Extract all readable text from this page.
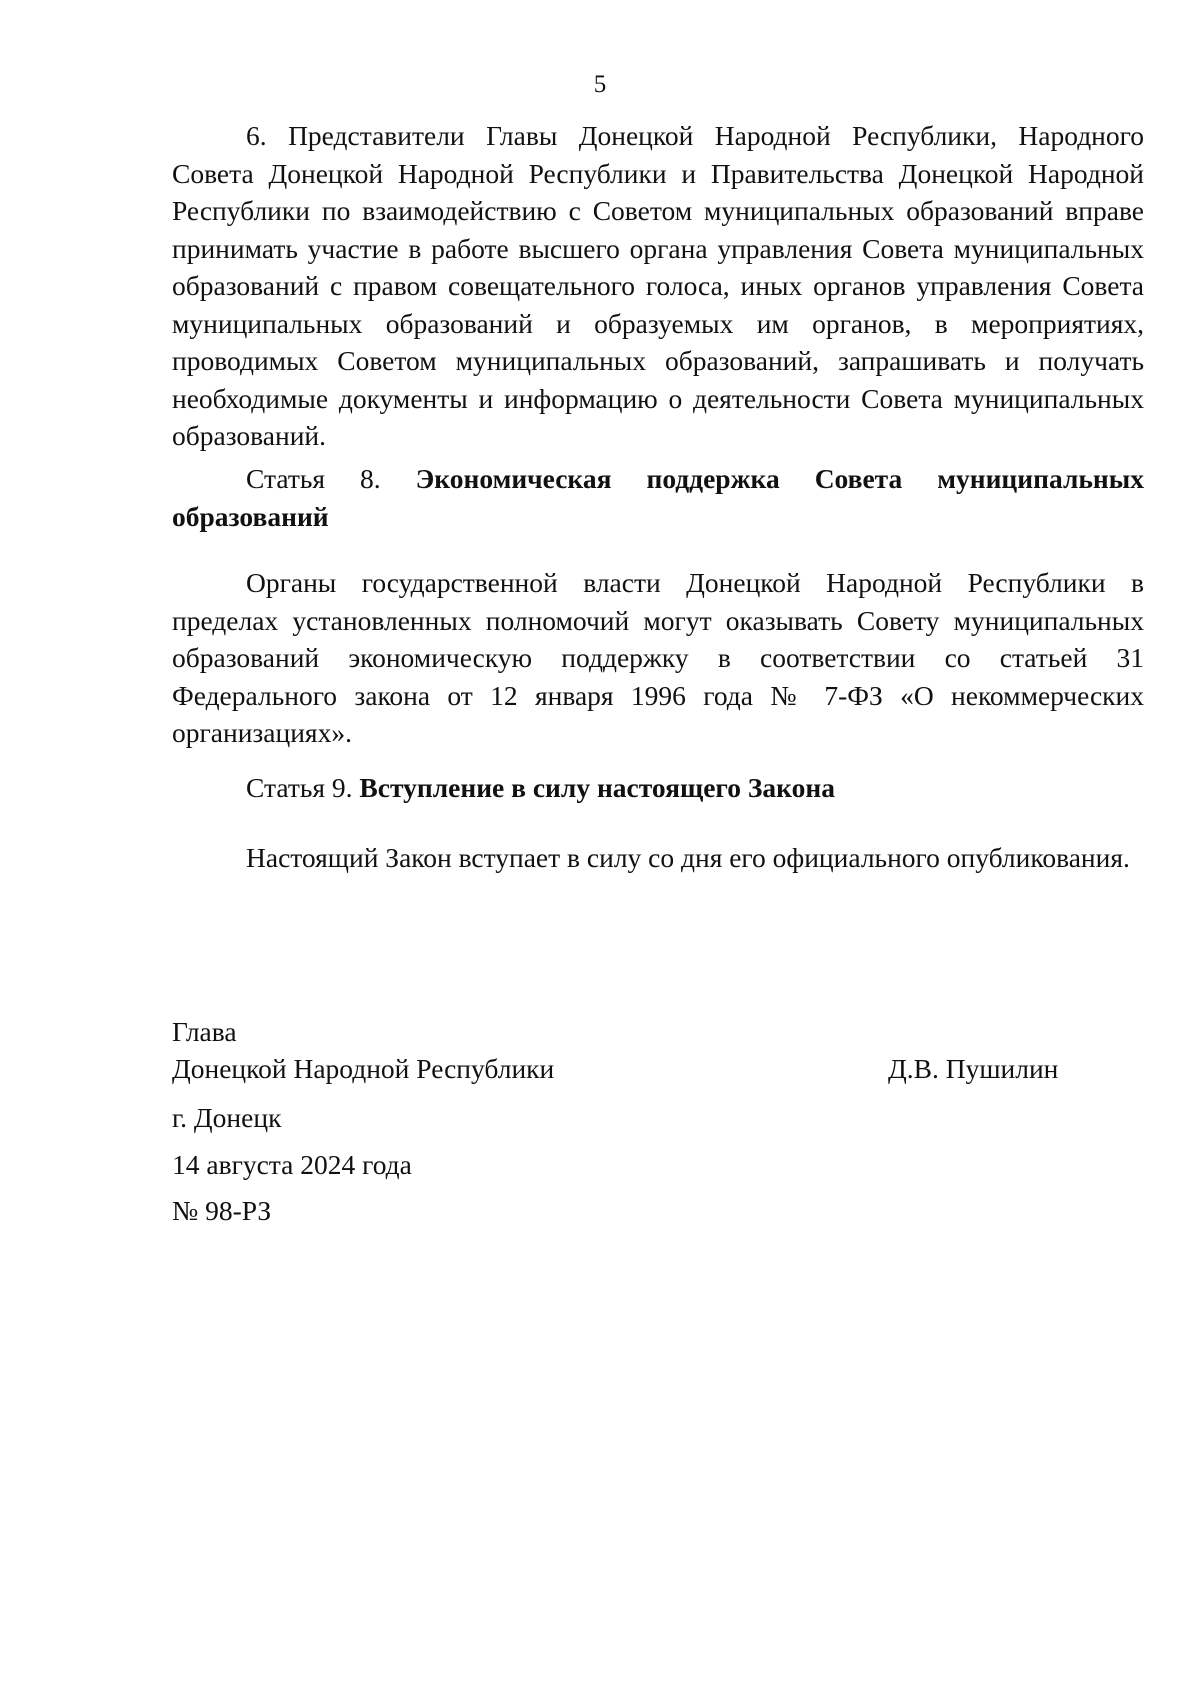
5

6. Представители Главы Донецкой Народной Республики, Народного Совета Донецкой Народной Республики и Правительства Донецкой Народной Республики по взаимодействию с Советом муниципальных образований вправе принимать участие в работе высшего органа управления Совета муниципальных образований с правом совещательного голоса, иных органов управления Совета муниципальных образований и образуемых им органов, в мероприятиях, проводимых Советом муниципальных образований, запрашивать и получать необходимые документы и информацию о деятельности Совета муниципальных образований.

Статья 8. Экономическая поддержка Совета муниципальных образований

Органы государственной власти Донецкой Народной Республики в пределах установленных полномочий могут оказывать Совету муниципальных образований экономическую поддержку в соответствии со статьей 31 Федерального закона от 12 января 1996 года № 7-ФЗ «О некоммерческих организациях».

Статья 9. Вступление в силу настоящего Закона

Настоящий Закон вступает в силу со дня его официального опубликования.

Глава
Донецкой Народной Республики	Д.В. Пушилин
г. Донецк
14 августа 2024 года
№ 98-РЗ
